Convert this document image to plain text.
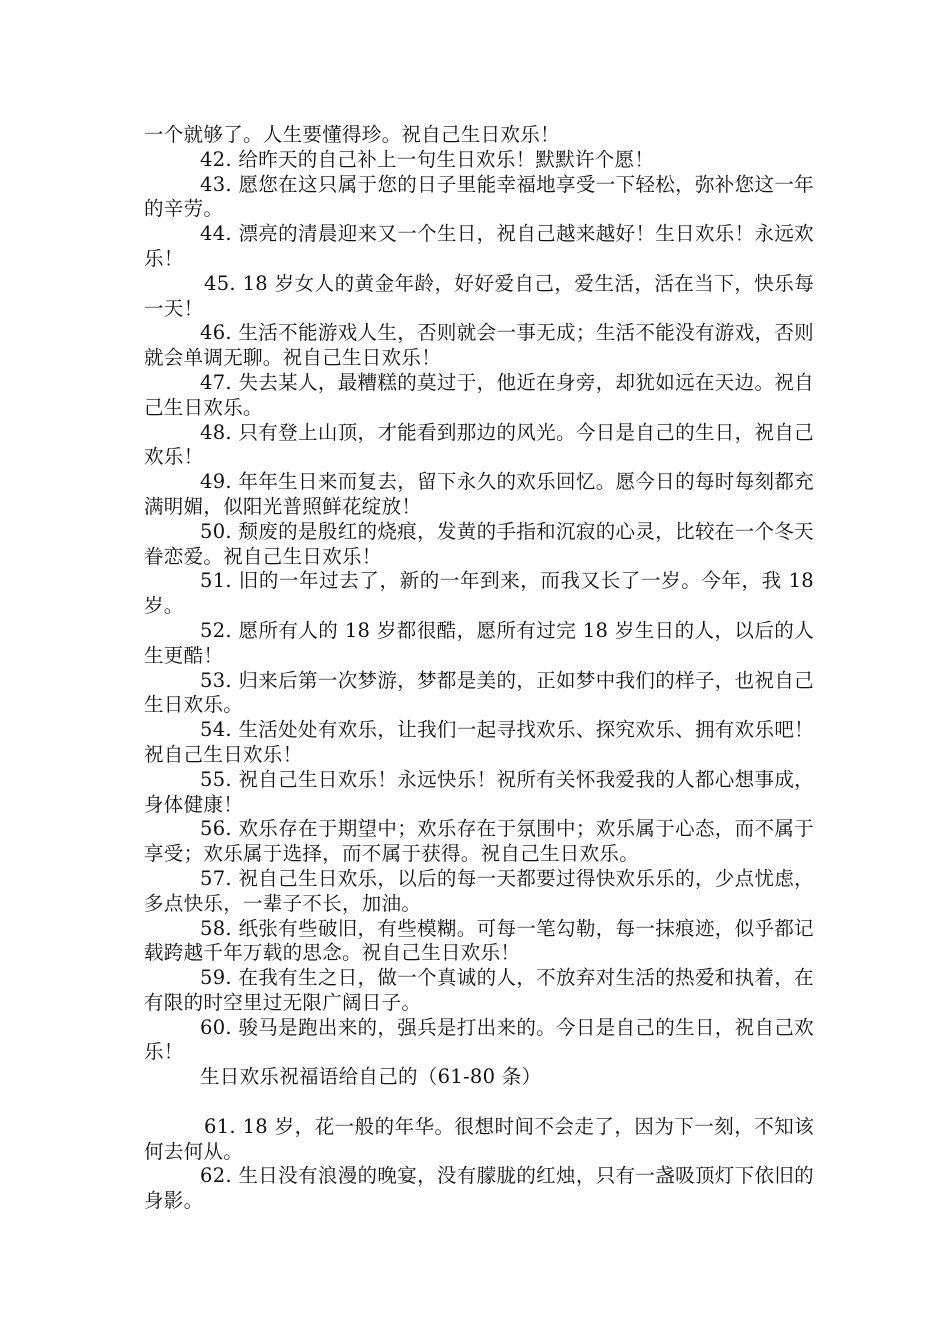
一个就够了。人生要懂得珍。祝自己生日欢乐！

42. 给昨天的自己补上一句生日欢乐！默默许个愿！

43. 愿您在这只属于您的日子里能幸福地享受一下轻松，弥补您这一年的辛劳。

44. 漂亮的清晨迎来又一个生日，祝自己越来越好！生日欢乐！永远欢乐！

45. 18 岁女人的黄金年龄，好好爱自己，爱生活，活在当下，快乐每一天！

46. 生活不能游戏人生，否则就会一事无成；生活不能没有游戏，否则就会单调无聊。祝自己生日欢乐！

47. 失去某人，最糟糕的莫过于，他近在身旁，却犹如远在天边。祝自己生日欢乐。

48. 只有登上山顶，才能看到那边的风光。今日是自己的生日，祝自己欢乐！

49. 年年生日来而复去，留下永久的欢乐回忆。愿今日的每时每刻都充满明媚，似阳光普照鲜花绽放！

50. 颓废的是殷红的烧痕，发黄的手指和沉寂的心灵，比较在一个冬天眷恋爱。祝自己生日欢乐！

51. 旧的一年过去了，新的一年到来，而我又长了一岁。今年，我 18 岁。

52. 愿所有人的 18 岁都很酷，愿所有过完 18 岁生日的人，以后的人生更酷！

53. 归来后第一次梦游，梦都是美的，正如梦中我们的样子，也祝自己生日欢乐。

54. 生活处处有欢乐，让我们一起寻找欢乐、探究欢乐、拥有欢乐吧！祝自己生日欢乐！

55. 祝自己生日欢乐！永远快乐！祝所有关怀我爱我的人都心想事成，身体健康！

56. 欢乐存在于期望中；欢乐存在于氛围中；欢乐属于心态，而不属于享受；欢乐属于选择，而不属于获得。祝自己生日欢乐。

57. 祝自己生日欢乐，以后的每一天都要过得快欢乐乐的，少点忧虑，多点快乐，一辈子不长，加油。

58. 纸张有些破旧，有些模糊。可每一笔勾勒，每一抹痕迹，似乎都记载跨越千年万载的思念。祝自己生日欢乐！

59. 在我有生之日，做一个真诚的人，不放弃对生活的热爱和执着，在有限的时空里过无限广阔日子。

60. 骏马是跑出来的，强兵是打出来的。今日是自己的生日，祝自己欢乐！

生日欢乐祝福语给自己的（61-80 条）

61. 18 岁，花一般的年华。很想时间不会走了，因为下一刻，不知该何去何从。

62. 生日没有浪漫的晚宴，没有朦胧的红烛，只有一盏吸顶灯下依旧的身影。
